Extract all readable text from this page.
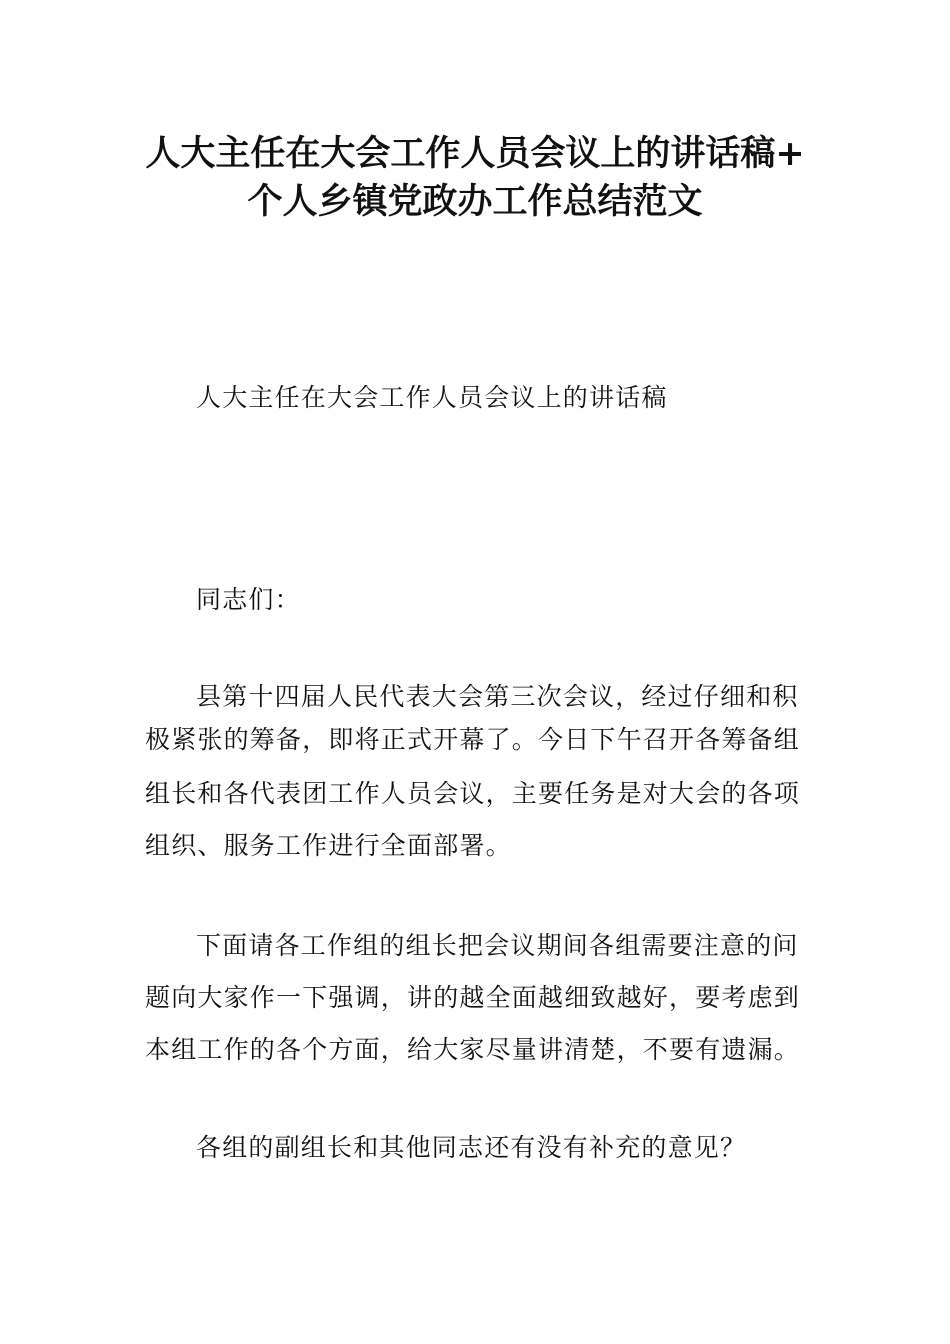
人大主任在大会工作人员会议上的讲话稿+
个人乡镇党政办工作总结范文
人大主任在大会工作人员会议上的讲话稿
同志们：
县第十四届人民代表大会第三次会议，经过仔细和积
极紧张的筹备，即将正式开幕了。今日下午召开各筹备组
组长和各代表团工作人员会议，主要任务是对大会的各项
组织、服务工作进行全面部署。
下面请各工作组的组长把会议期间各组需要注意的问
题向大家作一下强调，讲的越全面越细致越好，要考虑到
本组工作的各个方面，给大家尽量讲清楚，不要有遗漏。
各组的副组长和其他同志还有没有补充的意见？
